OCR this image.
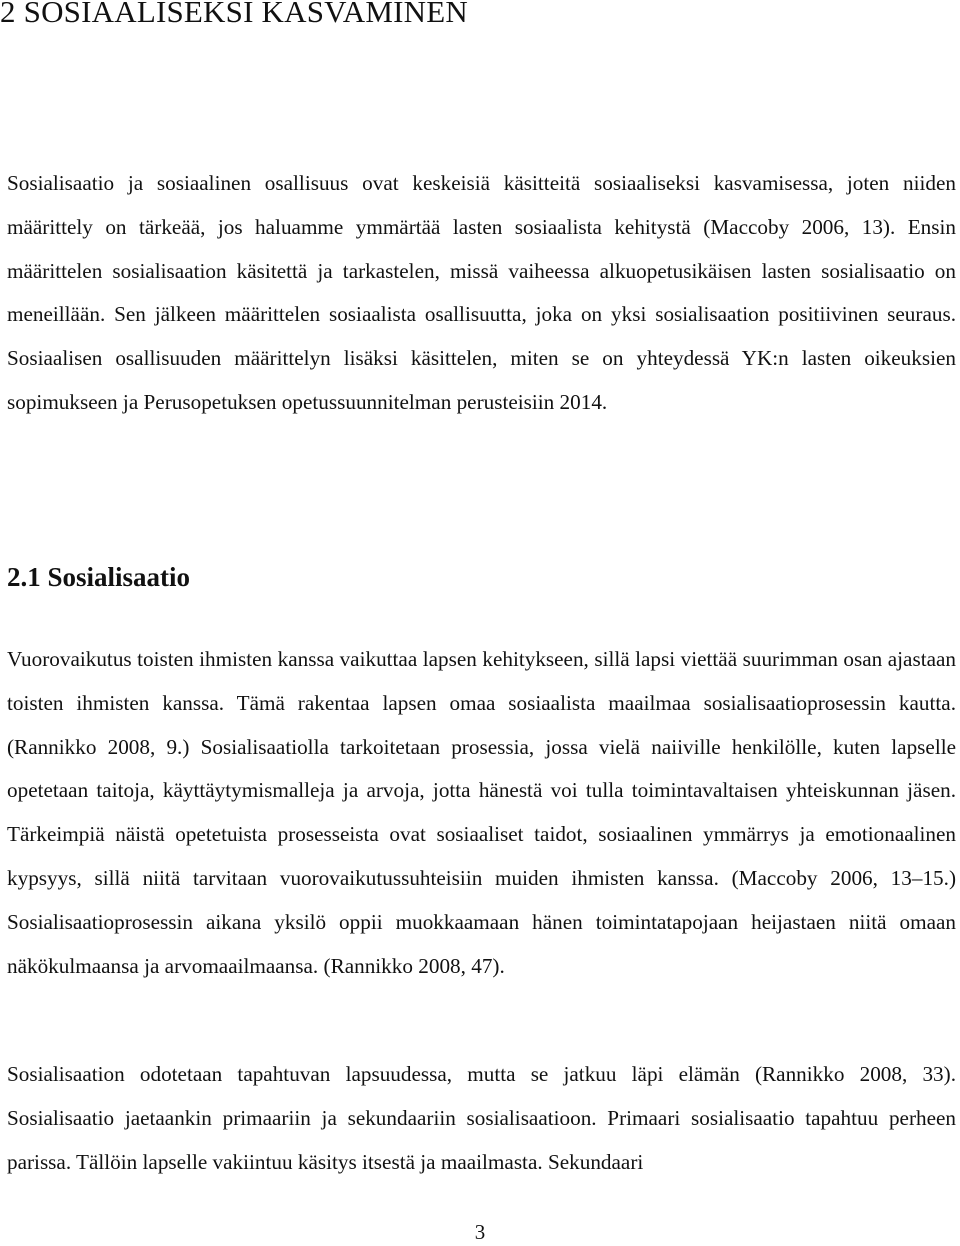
2 SOSIAALISEKSI KASVAMINEN

Sosialisaatio ja sosiaalinen osallisuus ovat keskeisiä käsitteitä sosiaaliseksi kasvamisessa, joten niiden määrittely on tärkeää, jos haluamme ymmärtää lasten sosiaalista kehitystä (Maccoby 2006, 13). Ensin määrittelen sosialisaation käsitettä ja tarkastelen, missä vaiheessa alkuopetusikäisen lasten sosialisaatio on meneillään. Sen jälkeen määrittelen sosiaalista osallisuutta, joka on yksi sosialisaation positiivinen seuraus. Sosiaalisen osallisuuden määrittelyn lisäksi käsittelen, miten se on yhteydessä YK:n lasten oikeuksien sopimukseen ja Perusopetuksen opetussuunnitelman perusteisiin 2014.

2.1 Sosialisaatio

Vuorovaikutus toisten ihmisten kanssa vaikuttaa lapsen kehitykseen, sillä lapsi viettää suurimman osan ajastaan toisten ihmisten kanssa. Tämä rakentaa lapsen omaa sosiaalista maailmaa sosialisaatioprosessin kautta. (Rannikko 2008, 9.) Sosialisaatiolla tarkoitetaan prosessia, jossa vielä naiiville henkilölle, kuten lapselle opetetaan taitoja, käyttäytymismalleja ja arvoja, jotta hänestä voi tulla toimintavaltaisen yhteiskunnan jäsen. Tärkeimpiä näistä opetetuista prosesseista ovat sosiaaliset taidot, sosiaalinen ymmärrys ja emotionaalinen kypsyys, sillä niitä tarvitaan vuorovaikutussuhteisiin muiden ihmisten kanssa. (Maccoby 2006, 13–15.) Sosialisaatioprosessin aikana yksilö oppii muokkaamaan hänen toimintatapojaan heijastaen niitä omaan näkökulmaansa ja arvomaailmaansa. (Rannikko 2008, 47).

Sosialisaation odotetaan tapahtuvan lapsuudessa, mutta se jatkuu läpi elämän (Rannikko 2008, 33). Sosialisaatio jaetaankin primaariin ja sekundaariin sosialisaatioon. Primaari sosialisaatio tapahtuu perheen parissa. Tällöin lapselle vakiintuu käsitys itsestä ja maailmasta. Sekundaari

3
